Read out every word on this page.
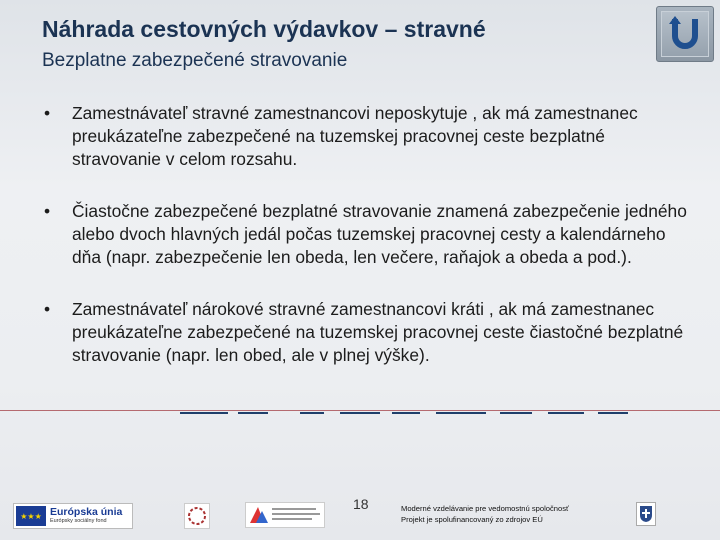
Náhrada cestovných výdavkov – stravné
Bezplatne zabezpečené stravovanie
• Zamestnávateľ stravné zamestnancovi neposkytuje , ak má zamestnanec preukázateľne zabezpečené na tuzemskej pracovnej ceste bezplatné stravovanie v celom rozsahu.
• Čiastočne zabezpečené bezplatné stravovanie znamená zabezpečenie jedného alebo dvoch hlavných jedál počas tuzemskej pracovnej cesty a kalendárneho dňa (napr. zabezpečenie len obeda, len večere, raňajok a obeda a pod.).
• Zamestnávateľ nárokové stravné zamestnancovi kráti , ak má zamestnanec preukázateľne zabezpečené na tuzemskej pracovnej ceste čiastočné bezplatné stravovanie (napr. len obed, ale v plnej výške).
★★★ Európska únia
Európsky sociálny fond
18	Moderné vzdelávanie pre vedomostnú spoločnosť
Projekt je spolufinancovaný zo zdrojov EÚ
